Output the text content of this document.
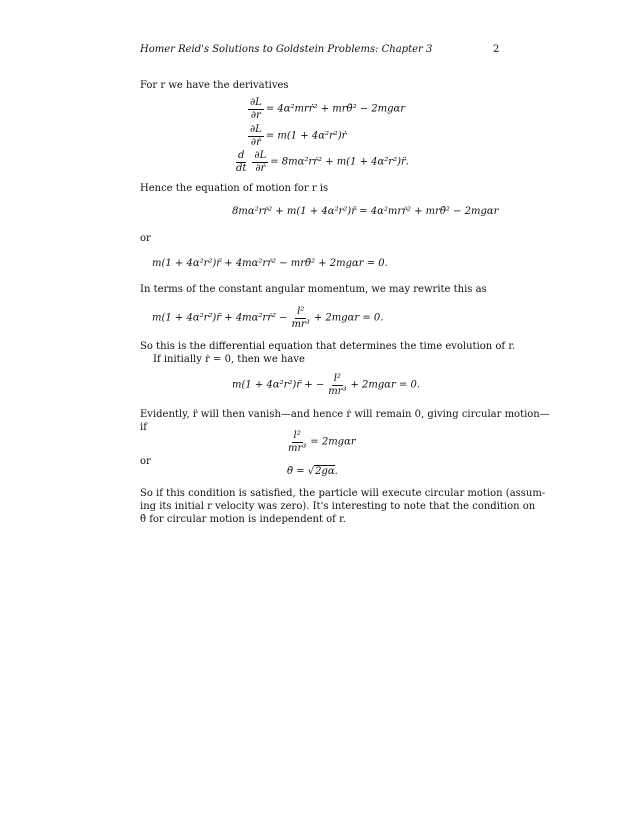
Homer Reid's Solutions to Goldstein Problems: Chapter 3	2
For r we have the derivatives
$\frac{\partial L}{\partial r}$ = 4α²mrṙ² + mrθ̇² − 2mgαr
$\frac{\partial L}{\text{∂ṙ}} = m(1$ + 4α²r²)ṙ
$\frac{d}{dt} \frac{\partial L}{\text{∂ṙ}}$ = 8mα²rṙ² + m(1 + 4α²r²)r̈.
Hence the equation of motion for r is
8mα²rṙ² + m(1 + 4α²r²)r̈ = 4α²mrṙ² + mrθ̇² − 2mgαr
or
m(1 + 4α²r²)r̈ + 4mα²rṙ² − mrθ̇² + 2mgαr = 0.
In terms of the constant angular momentum, we may rewrite this as
m(1 + 4α²r²)r̈ + 4mα²rṙ² − $\frac{\text{l²}}{\text{mr³}} + 2mg\alpha r = 0$.
So this is the differential equation that determines the time evolution of r.
If initially ṙ = 0, then we have
m(1 + 4α²r²)r̈ + − $\frac{\text{l²}}{\text{mr³}} + 2mg\alpha r = 0$.
Evidently, r̈ will then vanish—and hence ṙ will remain 0, giving circular motion—
if
$\frac{\text{l²}}{\text{mr³}} = 2mg\alpha r$
or
θ̇ = √2gα.
So if this condition is satisfied, the particle will execute circular motion (assum-
ing its initial r velocity was zero). It's interesting to note that the condition on
θ̇ for circular motion is independent of r.
